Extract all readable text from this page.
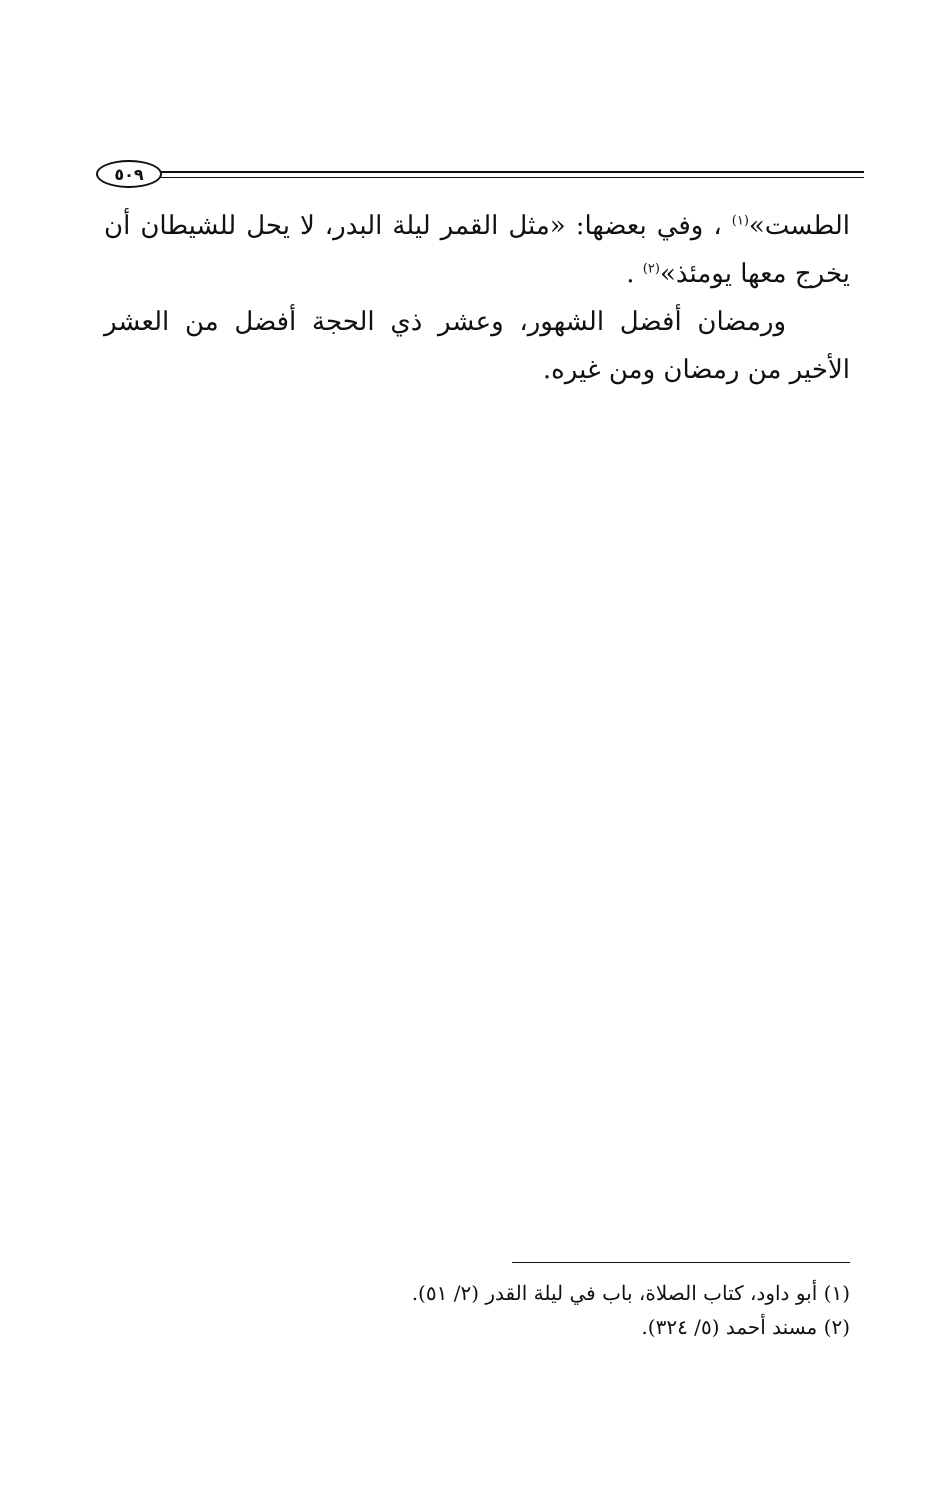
٥٠٩

الطست»$^{(١)}$ ، وفي بعضها: «مثل القمر ليلة البدر، لا يحل للشيطان أن يخرج معها يومئذ»$^{(٢)}$ .

ورمضان أفضل الشهور، وعشر ذي الحجة أفضل من العشر الأخير من رمضان ومن غيره.

(١) أبو داود، كتاب الصلاة، باب في ليلة القدر (٢/ ٥١).

(٢) مسند أحمد (٥/ ٣٢٤).
